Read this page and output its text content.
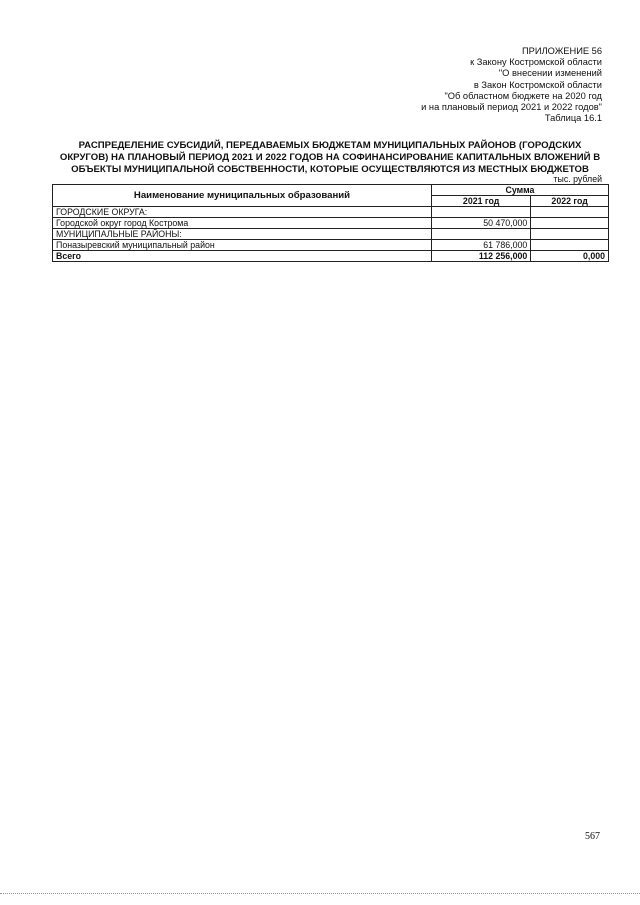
ПРИЛОЖЕНИЕ 56
к Закону Костромской области
"О внесении изменений
в Закон Костромской области
"Об областном бюджете на 2020 год
и на плановый период 2021 и 2022 годов"
Таблица 16.1
РАСПРЕДЕЛЕНИЕ СУБСИДИЙ, ПЕРЕДАВАЕМЫХ БЮДЖЕТАМ МУНИЦИПАЛЬНЫХ РАЙОНОВ (ГОРОДСКИХ
ОКРУГОВ) НА ПЛАНОВЫЙ ПЕРИОД 2021 И 2022 ГОДОВ НА СОФИНАНСИРОВАНИЕ КАПИТАЛЬНЫХ ВЛОЖЕНИЙ В
ОБЪЕКТЫ МУНИЦИПАЛЬНОЙ СОБСТВЕННОСТИ, КОТОРЫЕ ОСУЩЕСТВЛЯЮТСЯ ИЗ МЕСТНЫХ БЮДЖЕТОВ
тыс. рублей
Наименование муниципальных образований	Сумма	
	2021 год	2022 год
ГОРОДСКИЕ ОКРУГА:		
Городской округ город Кострома	50 470,000	
МУНИЦИПАЛЬНЫЕ РАЙОНЫ:		
Поназыревский муниципальный район	61 786,000	
Всего	112 256,000	0,000
567
